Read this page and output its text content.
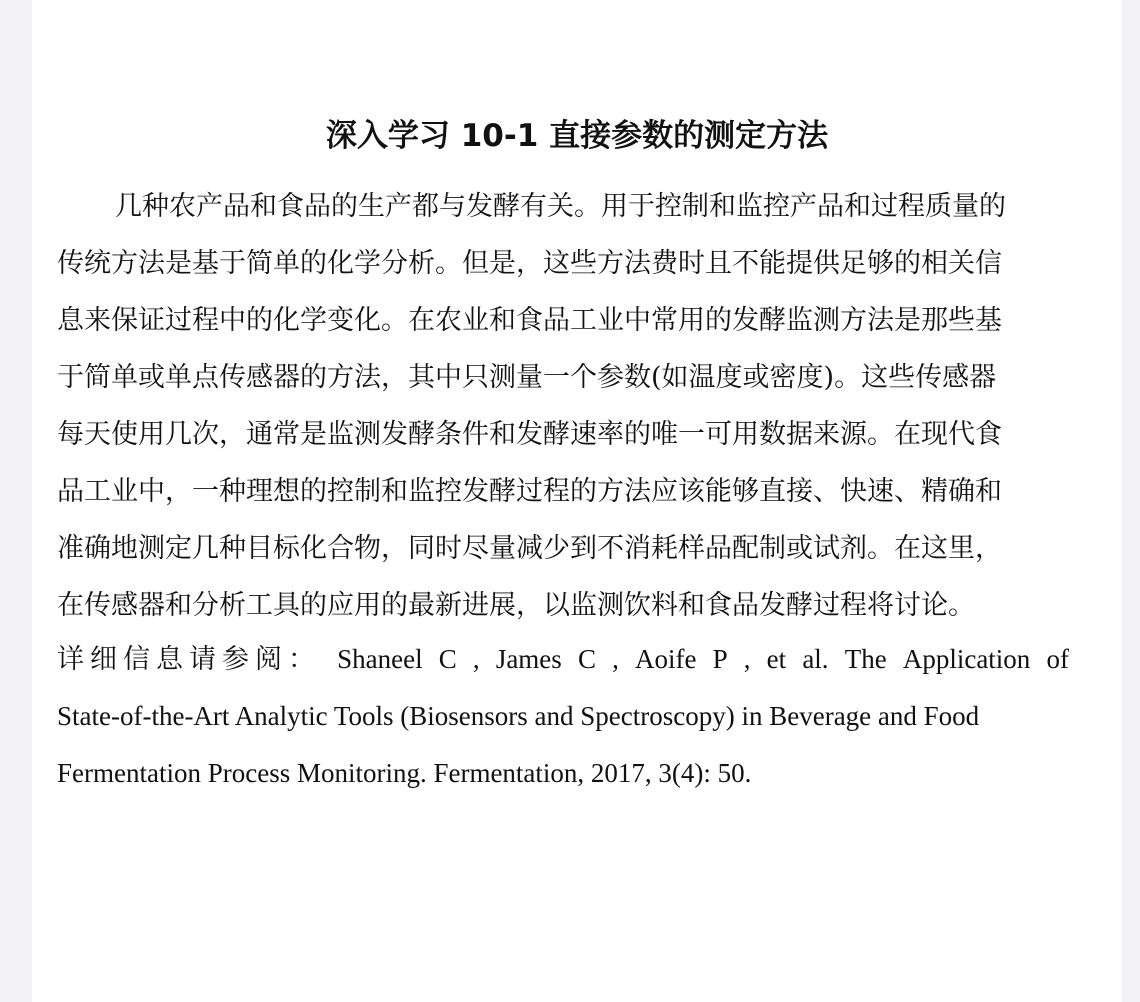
深入学习 10-1 直接参数的测定方法
几种农产品和食品的生产都与发酵有关。用于控制和监控产品和过程质量的
传统方法是基于简单的化学分析。但是，这些方法费时且不能提供足够的相关信
息来保证过程中的化学变化。在农业和食品工业中常用的发酵监测方法是那些基
于简单或单点传感器的方法，其中只测量一个参数(如温度或密度)。这些传感器
每天使用几次，通常是监测发酵条件和发酵速率的唯一可用数据来源。在现代食
品工业中，一种理想的控制和监控发酵过程的方法应该能够直接、快速、精确和
准确地测定几种目标化合物，同时尽量减少到不消耗样品配制或试剂。在这里，
在传感器和分析工具的应用的最新进展，以监测饮料和食品发酵过程将讨论。
详细信息请参阅： Shaneel C , James C , Aoife P , et al. The Application of
State-of-the-Art Analytic Tools (Biosensors and Spectroscopy) in Beverage and Food
Fermentation Process Monitoring. Fermentation, 2017, 3(4): 50.
